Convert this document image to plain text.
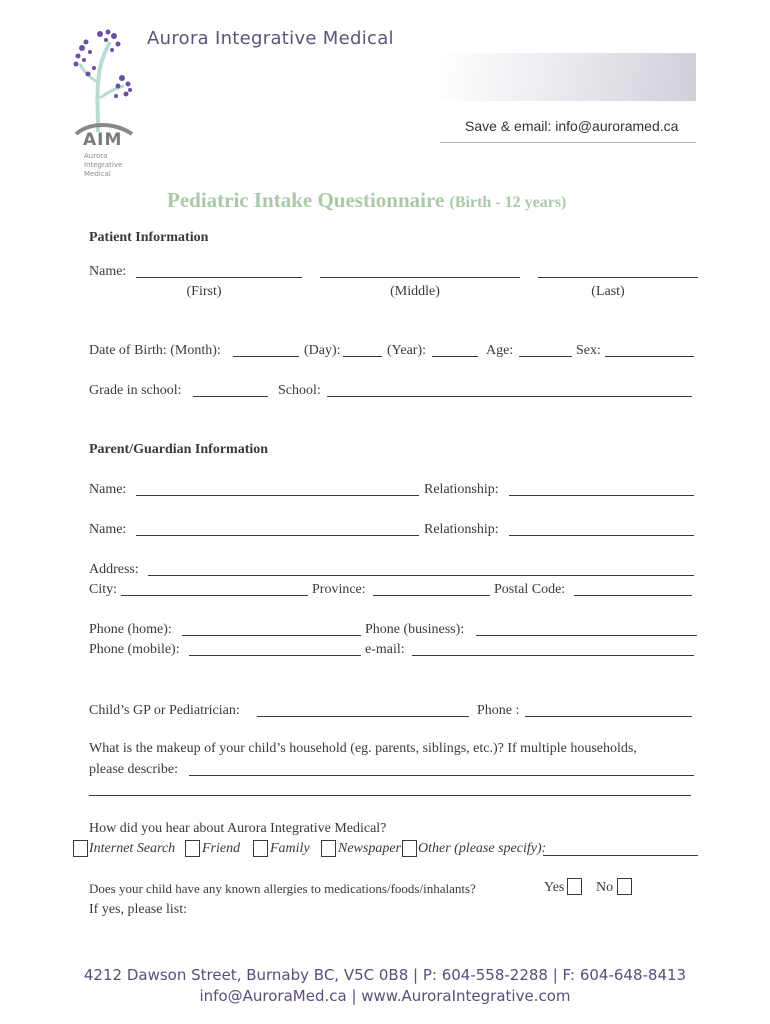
AIM
Aurora
Integrative
Medical
Aurora Integrative Medical
Save & email: info@auroramed.ca
Pediatric Intake Questionnaire (Birth - 12 years)
Patient Information
Name:
(First)	(Middle)	(Last)
Date of Birth: (Month):	(Day):	(Year):	Age:	Sex:
Grade in school:	School:
Parent/Guardian Information
Name:	Relationship:
Name:	Relationship:
Address:
City:	Province:	Postal Code:
Phone (home):	Phone (business):
Phone (mobile):	e-mail:
Child’s GP or Pediatrician:	Phone :
What is the makeup of your child’s household (eg. parents, siblings, etc.)? If multiple households,
please describe:
How did you hear about Aurora Integrative Medical?
Internet Search Friend Family Newspaper Other (please specify):
Does your child have any known allergies to medications/foods/inhalants?	Yes No
If yes, please list:
4212 Dawson Street, Burnaby BC, V5C 0B8 | P: 604-558-2288 | F: 604-648-8413
info@AuroraMed.ca | www.AuroraIntegrative.com
